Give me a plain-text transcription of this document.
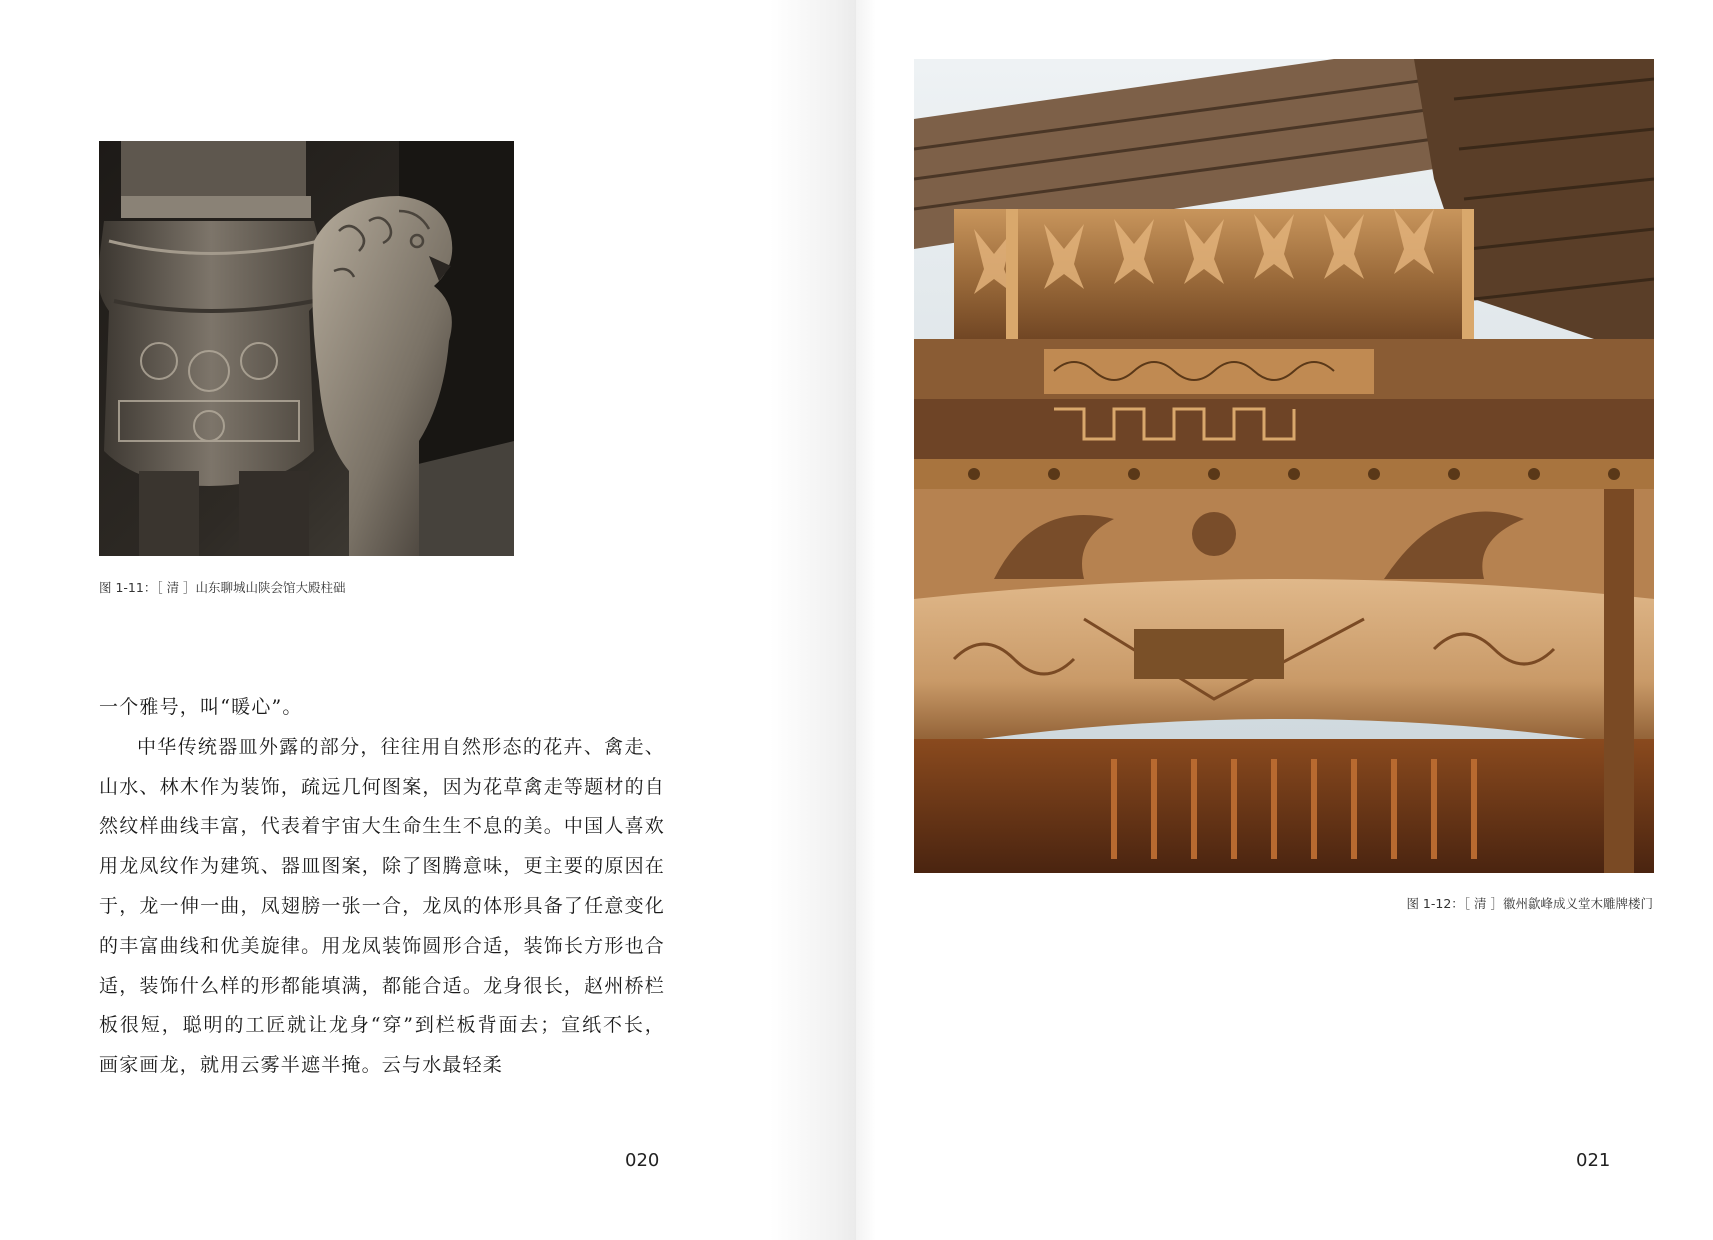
图 1-11：［ 清 ］山东聊城山陕会馆大殿柱础

一个雅号，叫“暖心”。

中华传统器皿外露的部分，往往用自然形态的花卉、禽走、山水、林木作为装饰，疏远几何图案，因为花草禽走等题材的自然纹样曲线丰富，代表着宇宙大生命生生不息的美。中国人喜欢用龙凤纹作为建筑、器皿图案，除了图腾意味，更主要的原因在于，龙一伸一曲，凤翅膀一张一合，龙凤的体形具备了任意变化的丰富曲线和优美旋律。用龙凤装饰圆形合适，装饰长方形也合适，装饰什么样的形都能填满，都能合适。龙身很长，赵州桥栏板很短，聪明的工匠就让龙身“穿”到栏板背面去；宣纸不长，画家画龙，就用云雾半遮半掩。云与水最轻柔

020
图 1-12：［ 清 ］徽州歙峰成义堂木雕牌楼门
021
